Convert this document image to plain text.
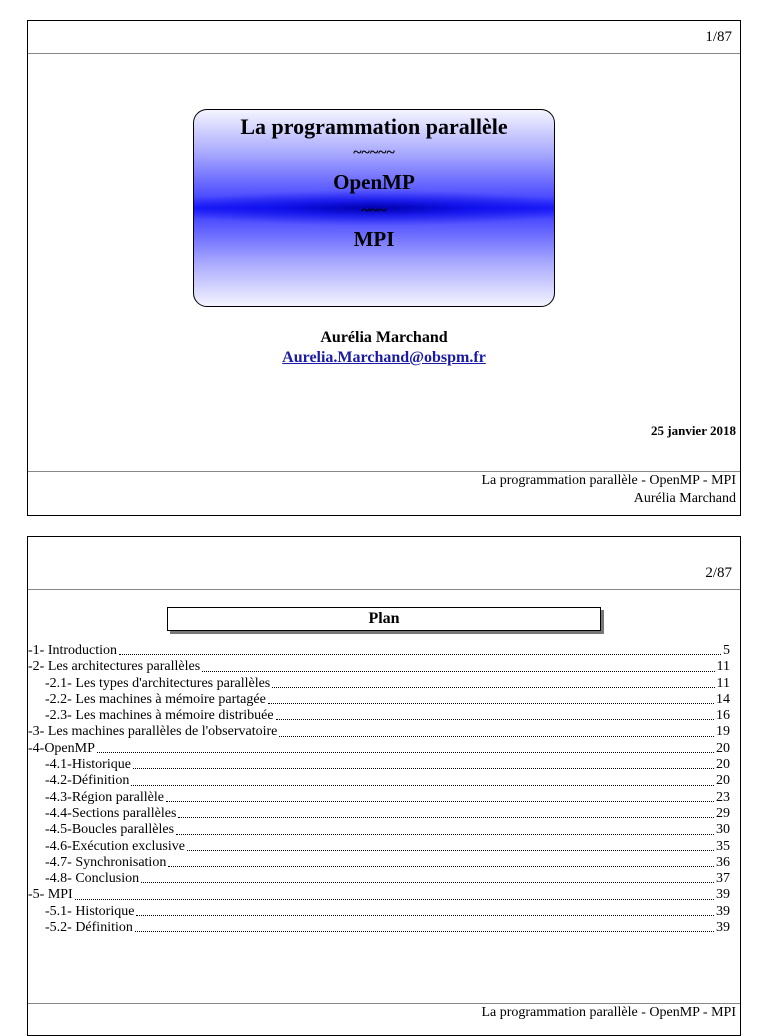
1/87
La programmation parallèle
~~~~~
OpenMP
~~~
MPI
Aurélia Marchand
Aurelia.Marchand@obspm.fr
25 janvier 2018
La programmation parallèle - OpenMP - MPI
Aurélia Marchand
2/87
Plan
-1- Introduction	5
-2- Les architectures parallèles	11
-2.1- Les types d'architectures parallèles	11
-2.2- Les machines à mémoire partagée	14
-2.3- Les machines à mémoire distribuée	16
-3- Les machines parallèles de l'observatoire	19
-4-OpenMP	20
-4.1-Historique	20
-4.2-Définition	20
-4.3-Région parallèle	23
-4.4-Sections parallèles	29
-4.5-Boucles parallèles	30
-4.6-Exécution exclusive	35
-4.7- Synchronisation	36
-4.8- Conclusion	37
-5- MPI	39
-5.1- Historique	39
-5.2- Définition	39
La programmation parallèle - OpenMP - MPI
